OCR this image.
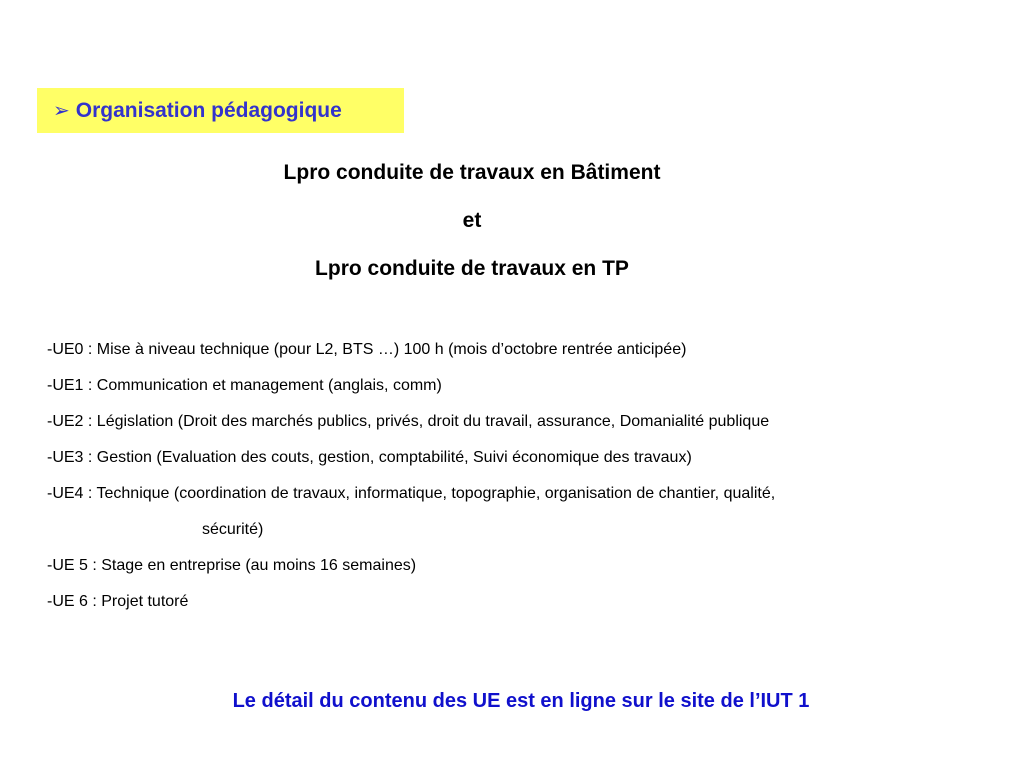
➢ Organisation pédagogique
Lpro conduite de travaux en Bâtiment
et
Lpro conduite de travaux en TP
-UE0 : Mise à niveau technique (pour L2, BTS …) 100 h (mois d’octobre rentrée anticipée)
-UE1 : Communication et management (anglais, comm)
-UE2 : Législation (Droit des marchés publics, privés, droit du travail, assurance, Domanialité publique
-UE3 : Gestion (Evaluation des couts, gestion, comptabilité, Suivi économique des travaux)
-UE4 : Technique (coordination de travaux, informatique, topographie, organisation de chantier, qualité,
sécurité)
-UE 5 : Stage en entreprise (au moins 16 semaines)
-UE 6 : Projet tutoré
Le détail du contenu des UE est en ligne sur le site de l’IUT 1
